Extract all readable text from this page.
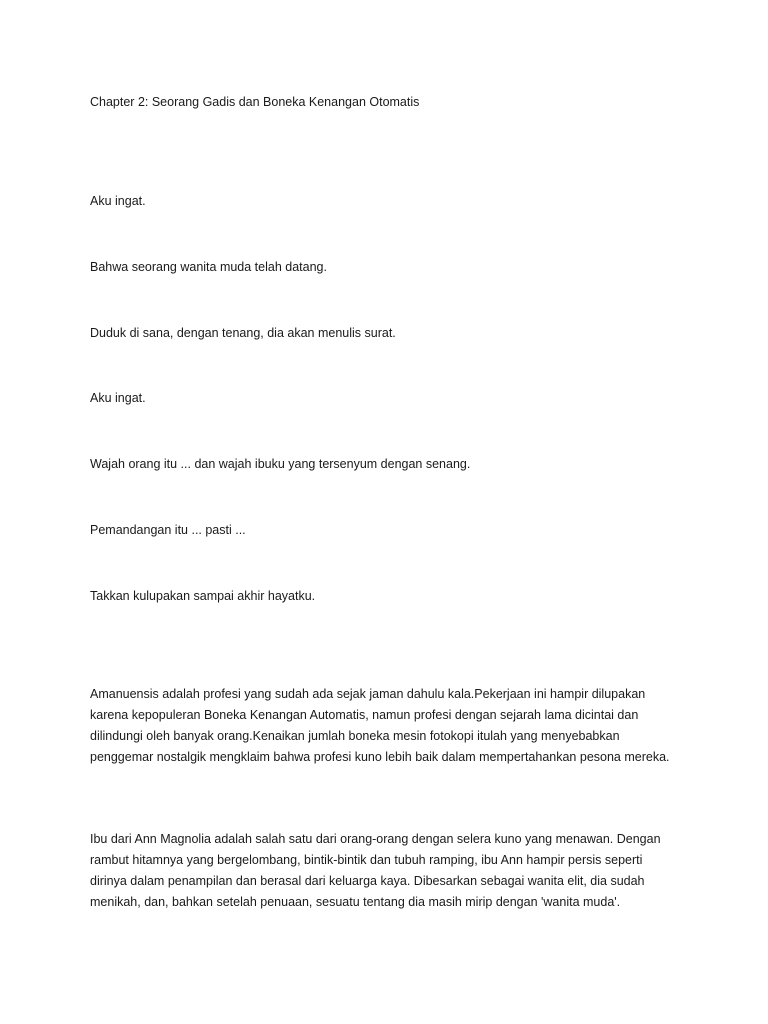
Chapter 2: Seorang Gadis dan Boneka Kenangan Otomatis

Aku ingat.

Bahwa seorang wanita muda telah datang.

Duduk di sana, dengan tenang, dia akan menulis surat.

Aku ingat.

Wajah orang itu ... dan wajah ibuku yang tersenyum dengan senang.

Pemandangan itu ... pasti ...

Takkan kulupakan sampai akhir hayatku.

Amanuensis adalah profesi yang sudah ada sejak jaman dahulu kala.Pekerjaan ini hampir dilupakan karena kepopuleran Boneka Kenangan Automatis, namun profesi dengan sejarah lama dicintai dan dilindungi oleh banyak orang.Kenaikan jumlah boneka mesin fotokopi itulah yang menyebabkan penggemar nostalgik mengklaim bahwa profesi kuno lebih baik dalam mempertahankan pesona mereka.

Ibu dari Ann Magnolia adalah salah satu dari orang-orang dengan selera kuno yang menawan. Dengan rambut hitamnya yang bergelombang, bintik-bintik dan tubuh ramping, ibu Ann hampir persis seperti dirinya dalam penampilan dan berasal dari keluarga kaya. Dibesarkan sebagai wanita elit, dia sudah menikah, dan, bahkan setelah penuaan, sesuatu tentang dia masih mirip dengan 'wanita muda'.
